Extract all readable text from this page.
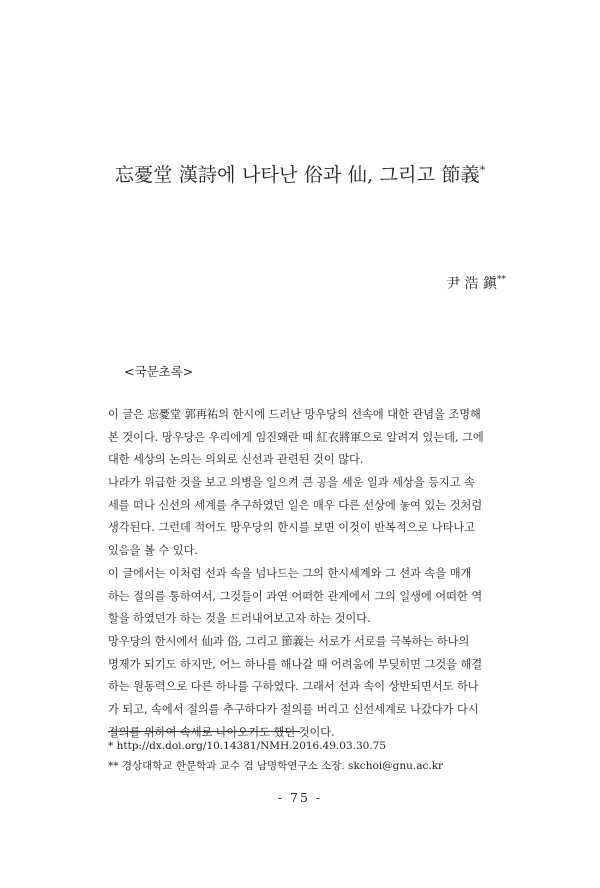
忘憂堂 漢詩에 나타난 俗과 仙, 그리고 節義*
尹 浩 鎭**
<국문초록>
이 글은 忘憂堂 郭再祐의 한시에 드러난 망우당의 선속에 대한 관념을 조명해
본 것이다. 망우당은 우리에게 임진왜란 때 紅衣將軍으로 알려져 있는데, 그에
대한 세상의 논의는 의외로 신선과 관련된 것이 많다.
나라가 위급한 것을 보고 의병을 일으켜 큰 공을 세운 일과 세상을 등지고 속
세를 떠나 신선의 세계를 추구하였던 일은 매우 다른 선상에 놓여 있는 것처럼
생각된다. 그런데 적어도 망우당의 한시를 보면 이것이 반복적으로 나타나고
있음을 볼 수 있다.
이 글에서는 이처럼 선과 속을 넘나드는 그의 한시세계와 그 선과 속을 매개
하는 절의를 통하여서, 그것들이 과연 어떠한 관계에서 그의 일생에 어떠한 역
할을 하였던가 하는 것을 드러내어보고자 하는 것이다.
망우당의 한시에서 仙과 俗, 그리고 節義는 서로가 서로를 극복하는 하나의
명제가 되기도 하지만, 어느 하나를 해나갈 때 어려움에 부딪히면 그것을 해결
하는 원동력으로 다른 하나를 구하였다. 그래서 선과 속이 상반되면서도 하나
가 되고, 속에서 절의를 추구하다가 절의를 버리고 신선세계로 나갔다가 다시
절의를 위하여 속세로 나아오기도 했던 것이다.
* http://dx.doi.org/10.14381/NMH.2016.49.03.30.75
** 경상대학교 한문학과 교수 겸 남명학연구소 소장. skchoi@gnu.ac.kr
- 75 -
